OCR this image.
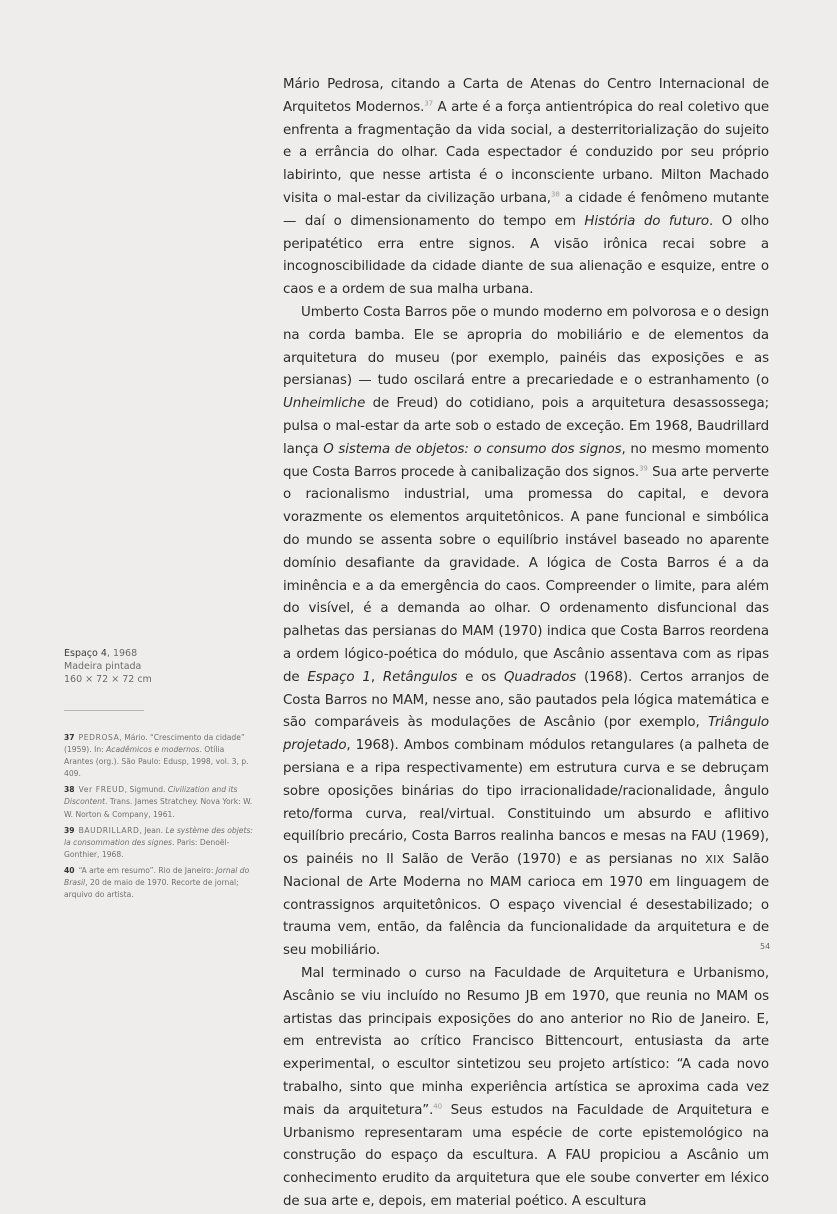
Mário Pedrosa, citando a Carta de Atenas do Centro Internacional de Arquitetos Modernos.$^{37}$ A arte é a força antientrópica do real coletivo que enfrenta a fragmentação da vida social, a desterritorialização do sujeito e a errância do olhar. Cada espectador é conduzido por seu próprio labirinto, que nesse artista é o inconsciente urbano. Milton Machado visita o mal-estar da civilização urbana,$^{38}$ a cidade é fenômeno mutante — daí o dimensionamento do tempo em História do futuro. O olho peripatético erra entre signos. A visão irônica recai sobre a incognoscibilidade da cidade diante de sua alienação e esquize, entre o caos e a ordem de sua malha urbana.

Umberto Costa Barros põe o mundo moderno em polvorosa e o design na corda bamba. Ele se apropria do mobiliário e de elementos da arquitetura do museu (por exemplo, painéis das exposições e as persianas) — tudo oscilará entre a precariedade e o estranhamento (o Unheimliche de Freud) do cotidiano, pois a arquitetura desassossega; pulsa o mal-estar da arte sob o estado de exceção. Em 1968, Baudrillard lança O sistema de objetos: o consumo dos signos, no mesmo momento que Costa Barros procede à canibalização dos signos.$^{39}$ Sua arte perverte o racionalismo industrial, uma promessa do capital, e devora vorazmente os elementos arquitetônicos. A pane funcional e simbólica do mundo se assenta sobre o equilíbrio instável baseado no aparente domínio desafiante da gravidade. A lógica de Costa Barros é a da iminência e a da emergência do caos. Compreender o limite, para além do visível, é a demanda ao olhar. O ordenamento disfuncional das palhetas das persianas do MAM (1970) indica que Costa Barros reordena a ordem lógico-poética do módulo, que Ascânio assentava com as ripas de Espaço 1, Retângulos e os Quadrados (1968). Certos arranjos de Costa Barros no MAM, nesse ano, são pautados pela lógica matemática e são comparáveis às modulações de Ascânio (por exemplo, Triângulo projetado, 1968). Ambos combinam módulos retangulares (a palheta de persiana e a ripa respectivamente) em estrutura curva e se debruçam sobre oposições binárias do tipo irracionalidade/racionalidade, ângulo reto/forma curva, real/virtual. Constituindo um absurdo e aflitivo equilíbrio precário, Costa Barros realinha bancos e mesas na FAU (1969), os painéis no II Salão de Verão (1970) e as persianas no XIX Salão Nacional de Arte Moderna no MAM carioca em 1970 em linguagem de contrassignos arquitetônicos. O espaço vivencial é desestabilizado; o trauma vem, então, da falência da funcionalidade da arquitetura e de seu mobiliário.

Mal terminado o curso na Faculdade de Arquitetura e Urbanismo, Ascânio se viu incluído no Resumo JB em 1970, que reunia no MAM os artistas das principais exposições do ano anterior no Rio de Janeiro. E, em entrevista ao crítico Francisco Bittencourt, entusiasta da arte experimental, o escultor sintetizou seu projeto artístico: “A cada novo trabalho, sinto que minha experiência artística se aproxima cada vez mais da arquitetura”.$^{40}$ Seus estudos na Faculdade de Arquitetura e Urbanismo representaram uma espécie de corte epistemológico na construção do espaço da escultura. A FAU propiciou a Ascânio um conhecimento erudito da arquitetura que ele soube converter em léxico de sua arte e, depois, em material poético. A escultura

Espaço 4, 1968
Madeira pintada
160 × 72 × 72 cm

37 PEDROSA, Mário. “Crescimento da cidade” (1959). In: Acadêmicos e modernos. Otília Arantes (org.). São Paulo: Edusp, 1998, vol. 3, p. 409.

38 Ver FREUD, Sigmund. Civilization and its Discontent. Trans. James Stratchey. Nova York: W. W. Norton & Company, 1961.

39 BAUDRILLARD, Jean. Le système des objets: la consommation des signes. Paris: Denoël-Gonthier, 1968.

40 “A arte em resumo”. Rio de Janeiro: Jornal do Brasil, 20 de maio de 1970. Recorte de jornal; arquivo do artista.

54
